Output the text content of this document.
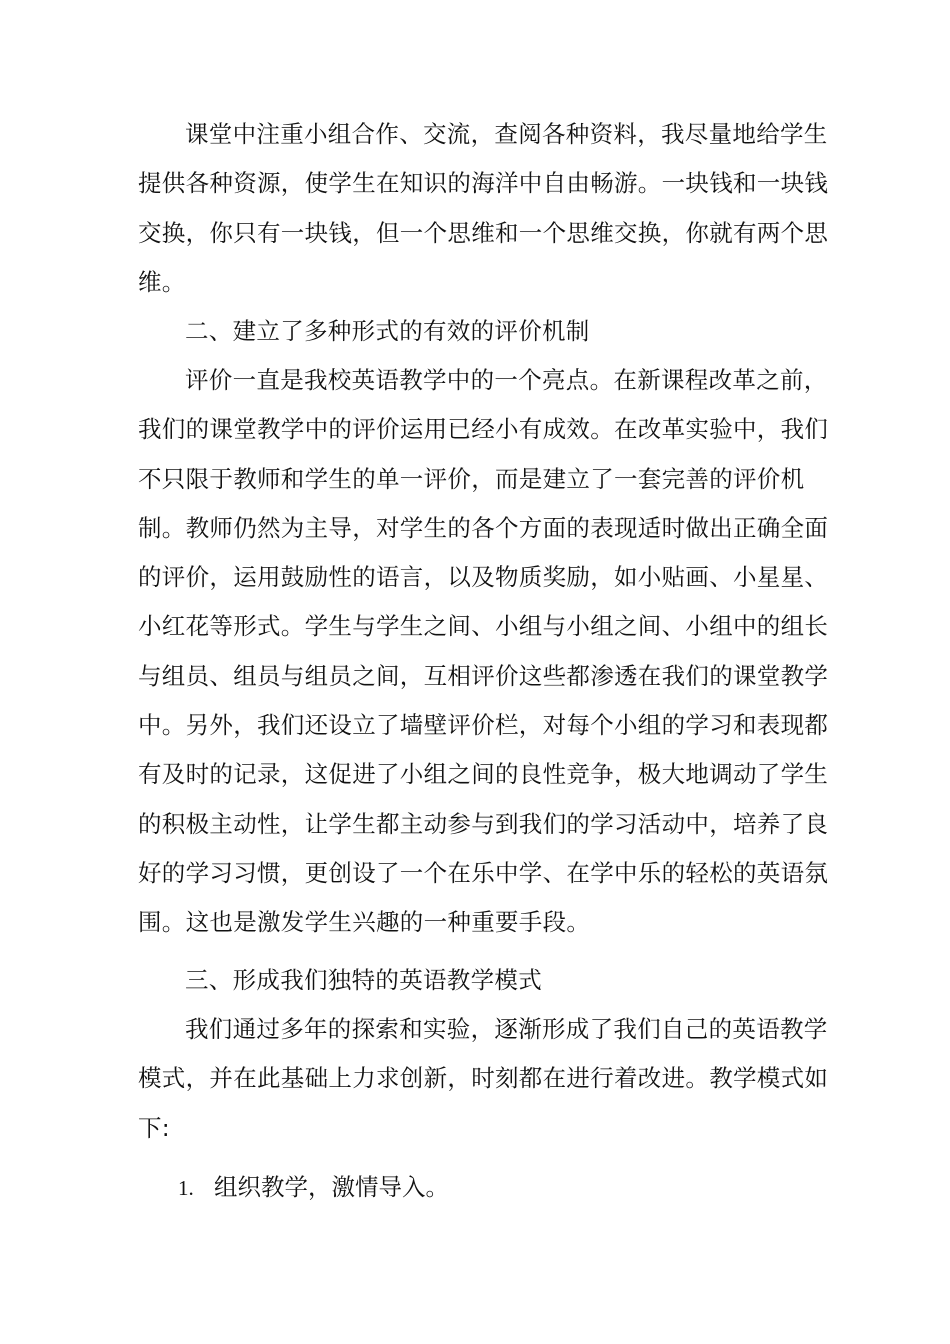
课堂中注重小组合作、交流，查阅各种资料，我尽量地给学生提供各种资源，使学生在知识的海洋中自由畅游。一块钱和一块钱交换，你只有一块钱，但一个思维和一个思维交换，你就有两个思维。

二、建立了多种形式的有效的评价机制

评价一直是我校英语教学中的一个亮点。在新课程改革之前，我们的课堂教学中的评价运用已经小有成效。在改革实验中，我们不只限于教师和学生的单一评价，而是建立了一套完善的评价机制。教师仍然为主导，对学生的各个方面的表现适时做出正确全面的评价，运用鼓励性的语言，以及物质奖励，如小贴画、小星星、小红花等形式。学生与学生之间、小组与小组之间、小组中的组长与组员、组员与组员之间，互相评价这些都渗透在我们的课堂教学中。另外，我们还设立了墙壁评价栏，对每个小组的学习和表现都有及时的记录，这促进了小组之间的良性竞争，极大地调动了学生的积极主动性，让学生都主动参与到我们的学习活动中，培养了良好的学习习惯，更创设了一个在乐中学、在学中乐的轻松的英语氛围。这也是激发学生兴趣的一种重要手段。

三、形成我们独特的英语教学模式

我们通过多年的探索和实验，逐渐形成了我们自己的英语教学模式，并在此基础上力求创新，时刻都在进行着改进。教学模式如下:

1. 组织教学，激情导入。
